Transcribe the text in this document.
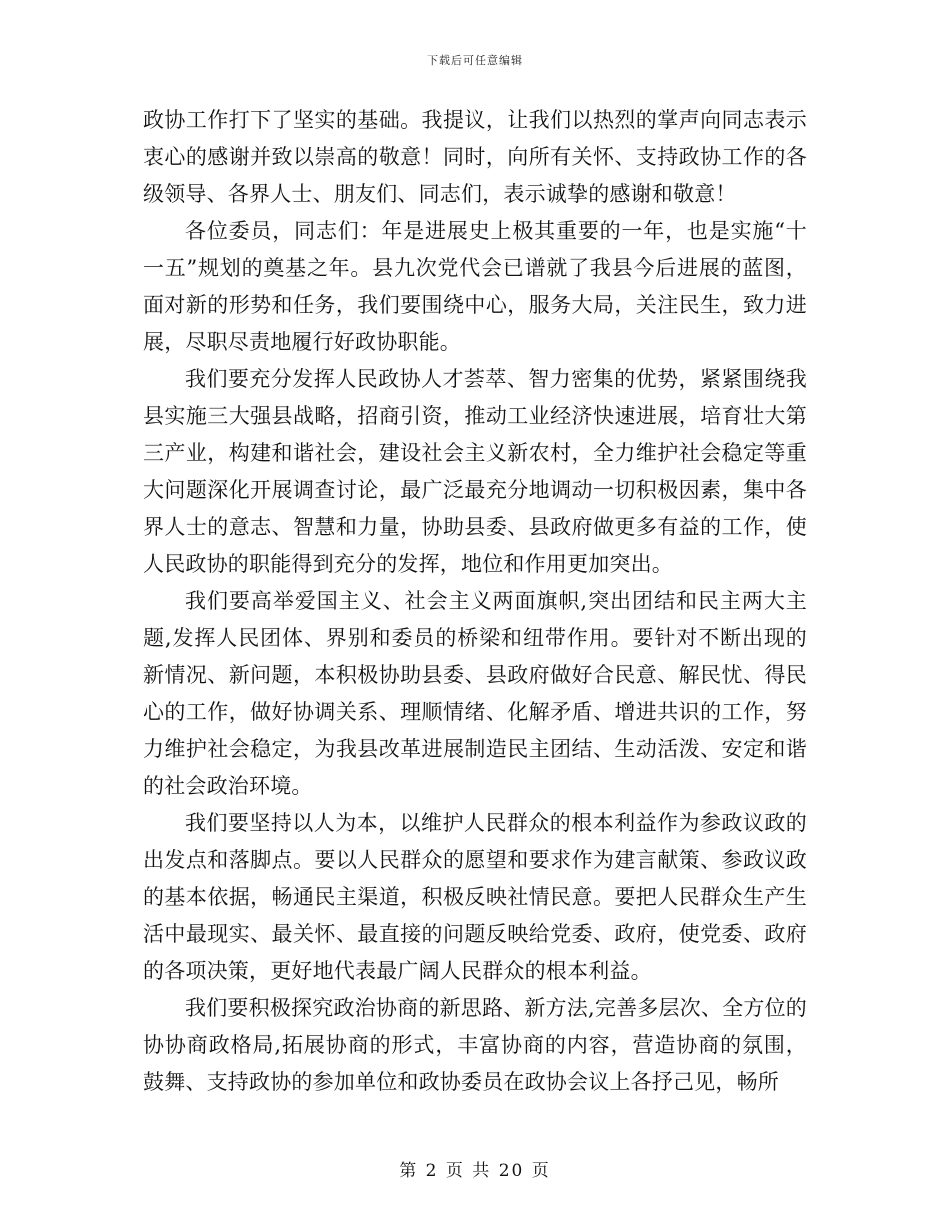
下载后可任意编辑

政协工作打下了坚实的基础。我提议，让我们以热烈的掌声向同志表示衷心的感谢并致以崇高的敬意！同时，向所有关怀、支持政协工作的各级领导、各界人士、朋友们、同志们，表示诚挚的感谢和敬意！

各位委员，同志们：年是进展史上极其重要的一年，也是实施“十一五”规划的奠基之年。县九次党代会已谱就了我县今后进展的蓝图，面对新的形势和任务，我们要围绕中心，服务大局，关注民生，致力进展，尽职尽责地履行好政协职能。

我们要充分发挥人民政协人才荟萃、智力密集的优势，紧紧围绕我县实施三大强县战略，招商引资，推动工业经济快速进展，培育壮大第三产业，构建和谐社会，建设社会主义新农村，全力维护社会稳定等重大问题深化开展调查讨论，最广泛最充分地调动一切积极因素，集中各界人士的意志、智慧和力量，协助县委、县政府做更多有益的工作，使人民政协的职能得到充分的发挥，地位和作用更加突出。

我们要高举爱国主义、社会主义两面旗帜,突出团结和民主两大主题,发挥人民团体、界别和委员的桥梁和纽带作用。要针对不断出现的新情况、新问题，本积极协助县委、县政府做好合民意、解民忧、得民心的工作，做好协调关系、理顺情绪、化解矛盾、增进共识的工作，努力维护社会稳定，为我县改革进展制造民主团结、生动活泼、安定和谐的社会政治环境。

我们要坚持以人为本，以维护人民群众的根本利益作为参政议政的出发点和落脚点。要以人民群众的愿望和要求作为建言献策、参政议政的基本依据，畅通民主渠道，积极反映社情民意。要把人民群众生产生活中最现实、最关怀、最直接的问题反映给党委、政府，使党委、政府的各项决策，更好地代表最广阔人民群众的根本利益。

我们要积极探究政治协商的新思路、新方法,完善多层次、全方位的协协商政格局,拓展协商的形式，丰富协商的内容，营造协商的氛围，鼓舞、支持政协的参加单位和政协委员在政协会议上各抒己见，畅所

第 2 页 共 20 页
